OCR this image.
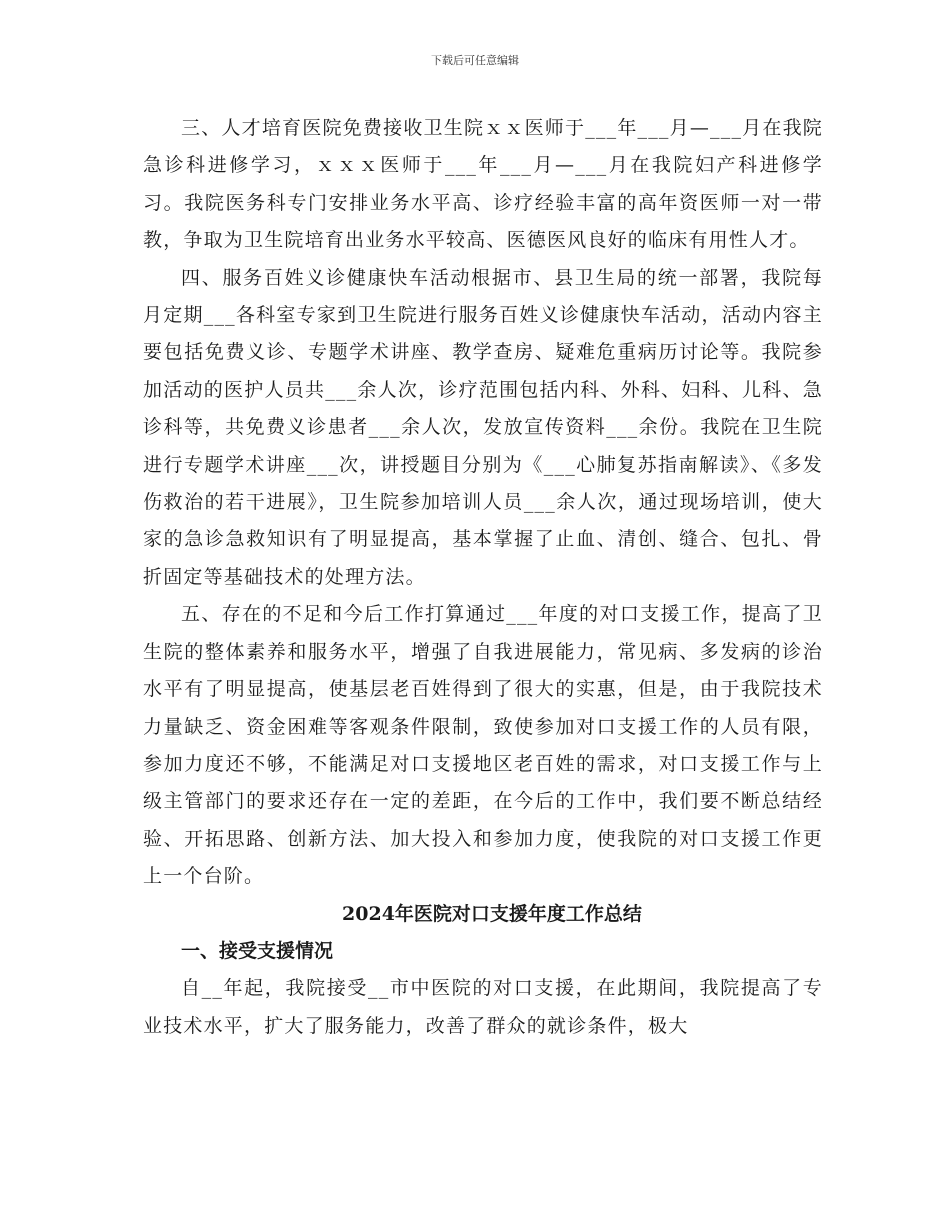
下载后可任意编辑

三、人才培育医院免费接收卫生院ｘｘ医师于___年___月—___月在我院急诊科进修学习，ｘｘｘ医师于___年___月—___月在我院妇产科进修学习。我院医务科专门安排业务水平高、诊疗经验丰富的高年资医师一对一带教，争取为卫生院培育出业务水平较高、医德医风良好的临床有用性人才。

四、服务百姓义诊健康快车活动根据市、县卫生局的统一部署，我院每月定期___各科室专家到卫生院进行服务百姓义诊健康快车活动，活动内容主要包括免费义诊、专题学术讲座、教学查房、疑难危重病历讨论等。我院参加活动的医护人员共___余人次，诊疗范围包括内科、外科、妇科、儿科、急诊科等，共免费义诊患者___余人次，发放宣传资料___余份。我院在卫生院进行专题学术讲座___次，讲授题目分别为《___心肺复苏指南解读》、《多发伤救治的若干进展》，卫生院参加培训人员___余人次，通过现场培训，使大家的急诊急救知识有了明显提高，基本掌握了止血、清创、缝合、包扎、骨折固定等基础技术的处理方法。

五、存在的不足和今后工作打算通过___年度的对口支援工作，提高了卫生院的整体素养和服务水平，增强了自我进展能力，常见病、多发病的诊治水平有了明显提高，使基层老百姓得到了很大的实惠，但是，由于我院技术力量缺乏、资金困难等客观条件限制，致使参加对口支援工作的人员有限，参加力度还不够，不能满足对口支援地区老百姓的需求，对口支援工作与上级主管部门的要求还存在一定的差距，在今后的工作中，我们要不断总结经验、开拓思路、创新方法、加大投入和参加力度，使我院的对口支援工作更上一个台阶。

2024年医院对口支援年度工作总结

一、接受支援情况

自__年起，我院接受__市中医院的对口支援，在此期间，我院提高了专业技术水平，扩大了服务能力，改善了群众的就诊条件，极大
